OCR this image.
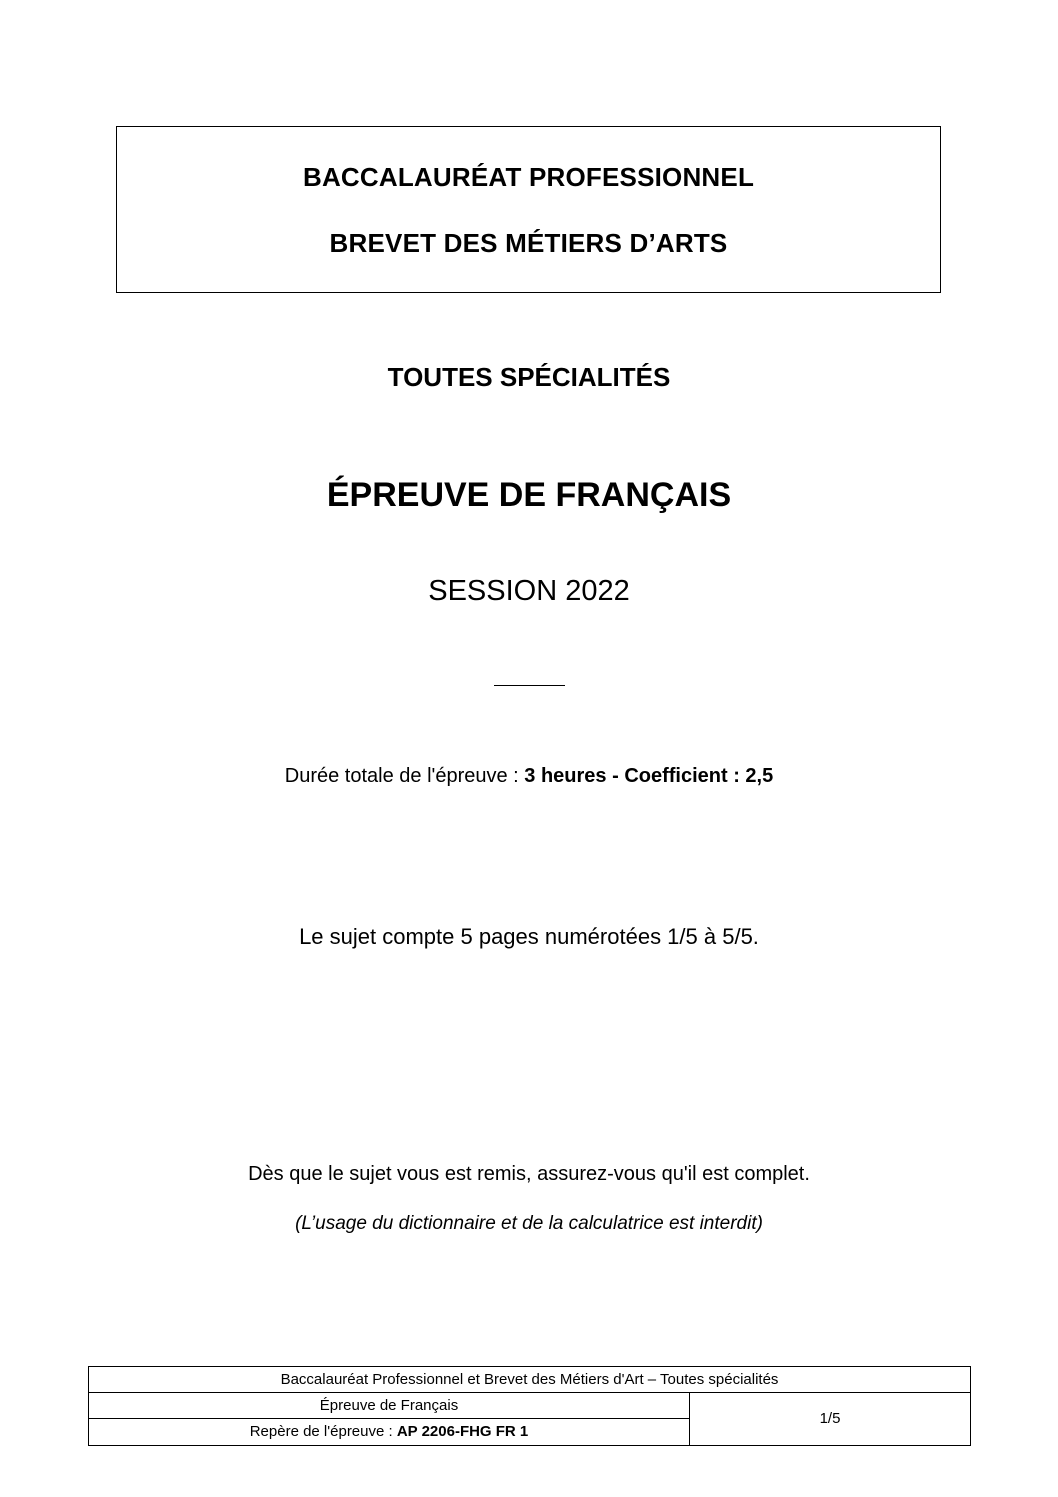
BACCALAURÉAT PROFESSIONNEL
BREVET DES MÉTIERS D’ARTS
TOUTES SPÉCIALITÉS
ÉPREUVE DE FRANÇAIS
SESSION 2022
Durée totale de l'épreuve : 3 heures - Coefficient : 2,5
Le sujet compte 5 pages numérotées 1/5 à 5/5.
Dès que le sujet vous est remis, assurez-vous qu'il est complet.
(L’usage du dictionnaire et de la calculatrice est interdit)
Baccalauréat Professionnel et Brevet des Métiers d'Art – Toutes spécialités
Épreuve de Français
Repère de l'épreuve : AP 2206-FHG FR 1
1/5
